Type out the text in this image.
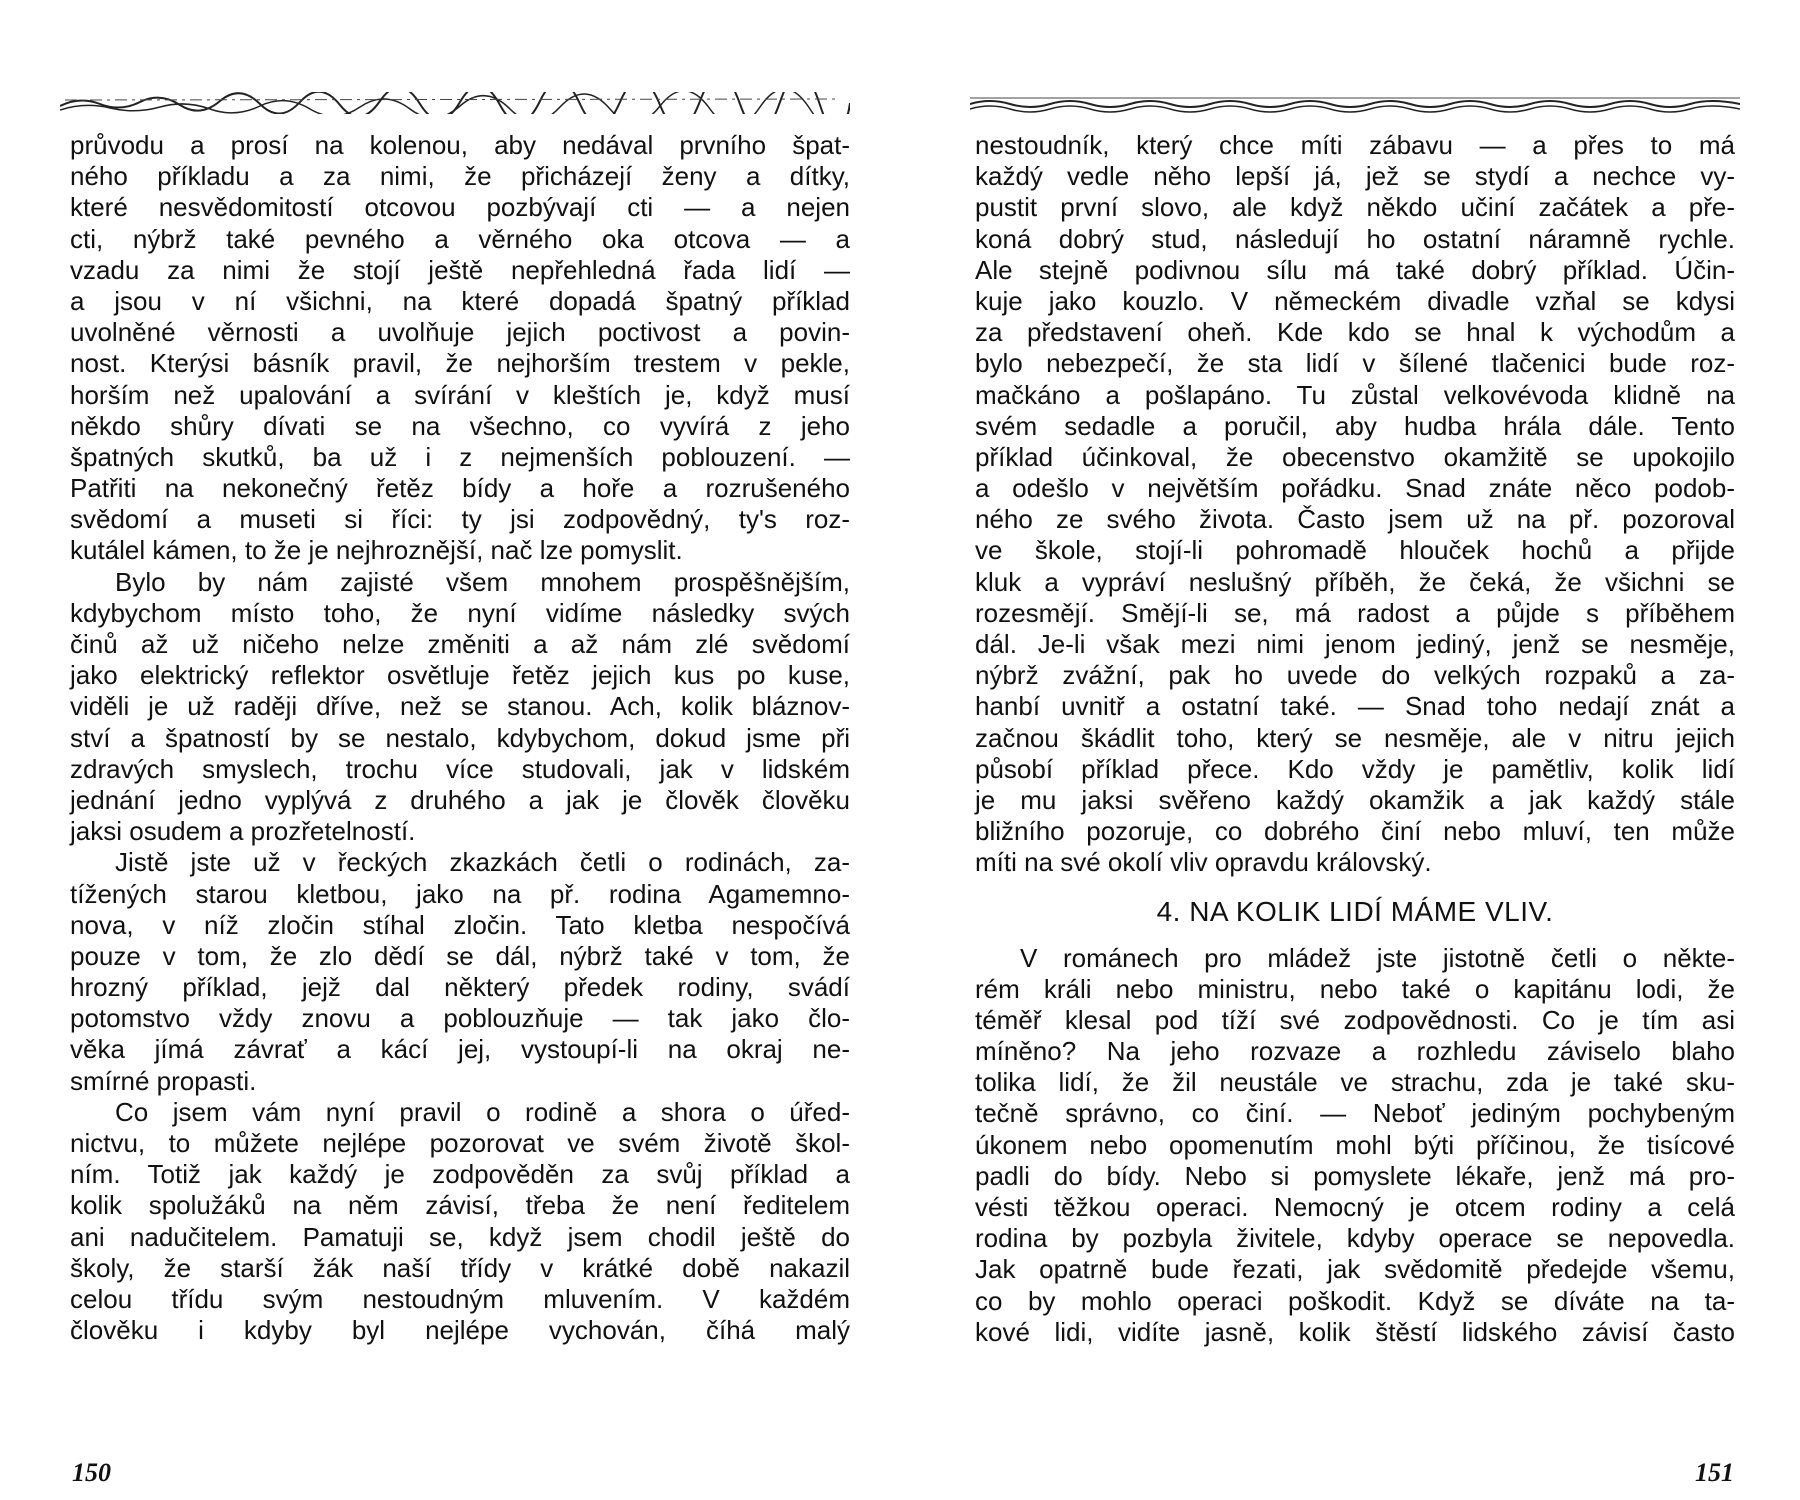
průvodu a prosí na kolenou, aby nedával prvního špat-
ného příkladu a za nimi, že přicházejí ženy a dítky,
které nesvědomitostí otcovou pozbývají cti — a nejen
cti, nýbrž také pevného a věrného oka otcova — a
vzadu za nimi že stojí ještě nepřehledná řada lidí —
a jsou v ní všichni, na které dopadá špatný příklad
uvolněné věrnosti a uvolňuje jejich poctivost a povin-
nost. Kterýsi básník pravil, že nejhorším trestem v pekle,
horším než upalování a svírání v kleštích je, když musí
někdo shůry dívati se na všechno, co vyvírá z jeho
špatných skutků, ba už i z nejmenších poblouzení. —
Patřiti na nekonečný řetěz bídy a hoře a rozrušeného
svědomí a museti si říci: ty jsi zodpovědný, ty's roz-
kutálel kámen, to že je nejhroznější, nač lze pomyslit.
Bylo by nám zajisté všem mnohem prospěšnějším,
kdybychom místo toho, že nyní vidíme následky svých
činů až už ničeho nelze změniti a až nám zlé svědomí
jako elektrický reflektor osvětluje řetěz jejich kus po kuse,
viděli je už raději dříve, než se stanou. Ach, kolik bláznov-
ství a špatností by se nestalo, kdybychom, dokud jsme při
zdravých smyslech, trochu více studovali, jak v lidském
jednání jedno vyplývá z druhého a jak je člověk člověku
jaksi osudem a prozřetelností.
Jistě jste už v řeckých zkazkách četli o rodinách, za-
tížených starou kletbou, jako na př. rodina Agamemno-
nova, v níž zločin stíhal zločin. Tato kletba nespočívá
pouze v tom, že zlo dědí se dál, nýbrž také v tom, že
hrozný příklad, jejž dal některý předek rodiny, svádí
potomstvo vždy znovu a poblouzňuje — tak jako člo-
věka jímá závrať a kácí jej, vystoupí-li na okraj ne-
smírné propasti.
Co jsem vám nyní pravil o rodině a shora o úřed-
nictvu, to můžete nejlépe pozorovat ve svém životě škol-
ním. Totiž jak každý je zodpověděn za svůj příklad a
kolik spolužáků na něm závisí, třeba že není ředitelem
ani nadučitelem. Pamatuji se, když jsem chodil ještě do
školy, že starší žák naší třídy v krátké době nakazil
celou třídu svým nestoudným mluvením. V každém
člověku i kdyby byl nejlépe vychován, číhá malý
150
nestoudník, který chce míti zábavu — a přes to má
každý vedle něho lepší já, jež se stydí a nechce vy-
pustit první slovo, ale když někdo učiní začátek a pře-
koná dobrý stud, následují ho ostatní náramně rychle.
Ale stejně podivnou sílu má také dobrý příklad. Účin-
kuje jako kouzlo. V německém divadle vzňal se kdysi
za představení oheň. Kde kdo se hnal k východům a
bylo nebezpečí, že sta lidí v šílené tlačenici bude roz-
mačkáno a pošlapáno. Tu zůstal velkovévoda klidně na
svém sedadle a poručil, aby hudba hrála dále. Tento
příklad účinkoval, že obecenstvo okamžitě se upokojilo
a odešlo v největším pořádku. Snad znáte něco podob-
ného ze svého života. Často jsem už na př. pozoroval
ve škole, stojí-li pohromadě hlouček hochů a přijde
kluk a vypráví neslušný příběh, že čeká, že všichni se
rozesmějí. Smějí-li se, má radost a půjde s příběhem
dál. Je-li však mezi nimi jenom jediný, jenž se nesměje,
nýbrž zvážní, pak ho uvede do velkých rozpaků a za-
hanbí uvnitř a ostatní také. — Snad toho nedají znát a
začnou škádlit toho, který se nesměje, ale v nitru jejich
působí příklad přece. Kdo vždy je pamětliv, kolik lidí
je mu jaksi svěřeno každý okamžik a jak každý stále
bližního pozoruje, co dobrého činí nebo mluví, ten může
míti na své okolí vliv opravdu královský.
4. NA KOLIK LIDÍ MÁME VLIV.
V románech pro mládež jste jistotně četli o někte-
rém králi nebo ministru, nebo také o kapitánu lodi, že
téměř klesal pod tíží své zodpovědnosti. Co je tím asi
míněno? Na jeho rozvaze a rozhledu záviselo blaho
tolika lidí, že žil neustále ve strachu, zda je také sku-
tečně správno, co činí. — Neboť jediným pochybeným
úkonem nebo opomenutím mohl býti příčinou, že tisícové
padli do bídy. Nebo si pomyslete lékaře, jenž má pro-
vésti těžkou operaci. Nemocný je otcem rodiny a celá
rodina by pozbyla živitele, kdyby operace se nepovedla.
Jak opatrně bude řezati, jak svědomitě předejde všemu,
co by mohlo operaci poškodit. Když se díváte na ta-
kové lidi, vidíte jasně, kolik štěstí lidského závisí často
151
